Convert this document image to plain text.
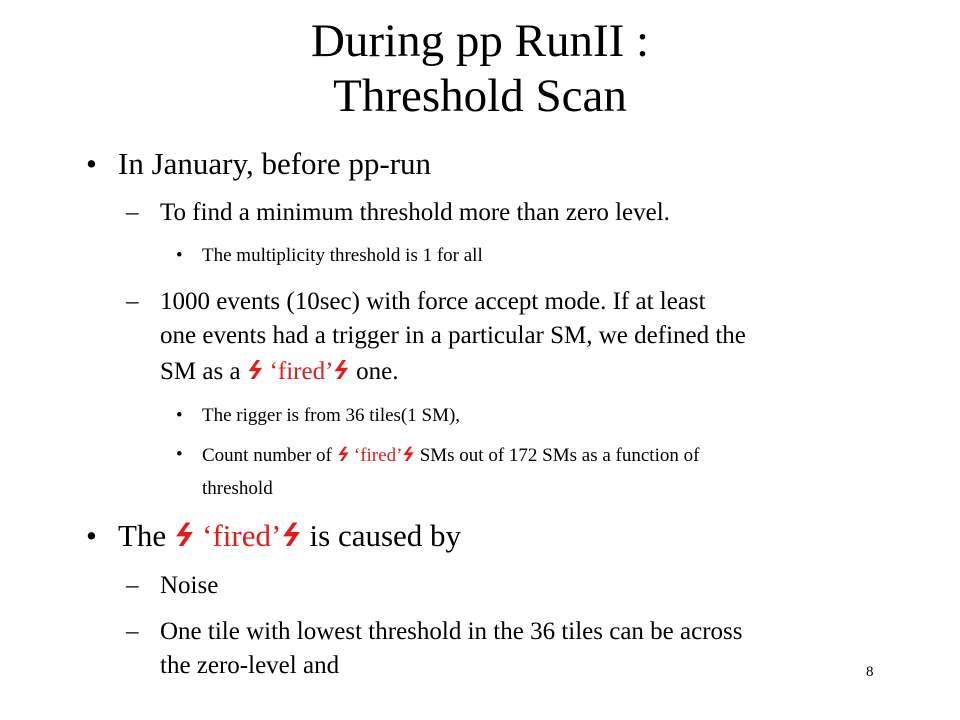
During pp RunII :
Threshold Scan
• In January, before pp-run
– To find a minimum threshold more than zero level.
• The multiplicity threshold is 1 for all
– 1000 events (10sec) with force accept mode. If at least
one events had a trigger in a particular SM, we defined the
SM as a ϟ ‘fired’ϟ one.
• The rigger is from 36 tiles(1 SM),
• Count number of ϟ ‘fired’ϟ SMs out of 172 SMs as a function of
threshold
• The ϟ ‘fired’ϟ is caused by
– Noise
– One tile with lowest threshold in the 36 tiles can be across
the zero-level and	8
